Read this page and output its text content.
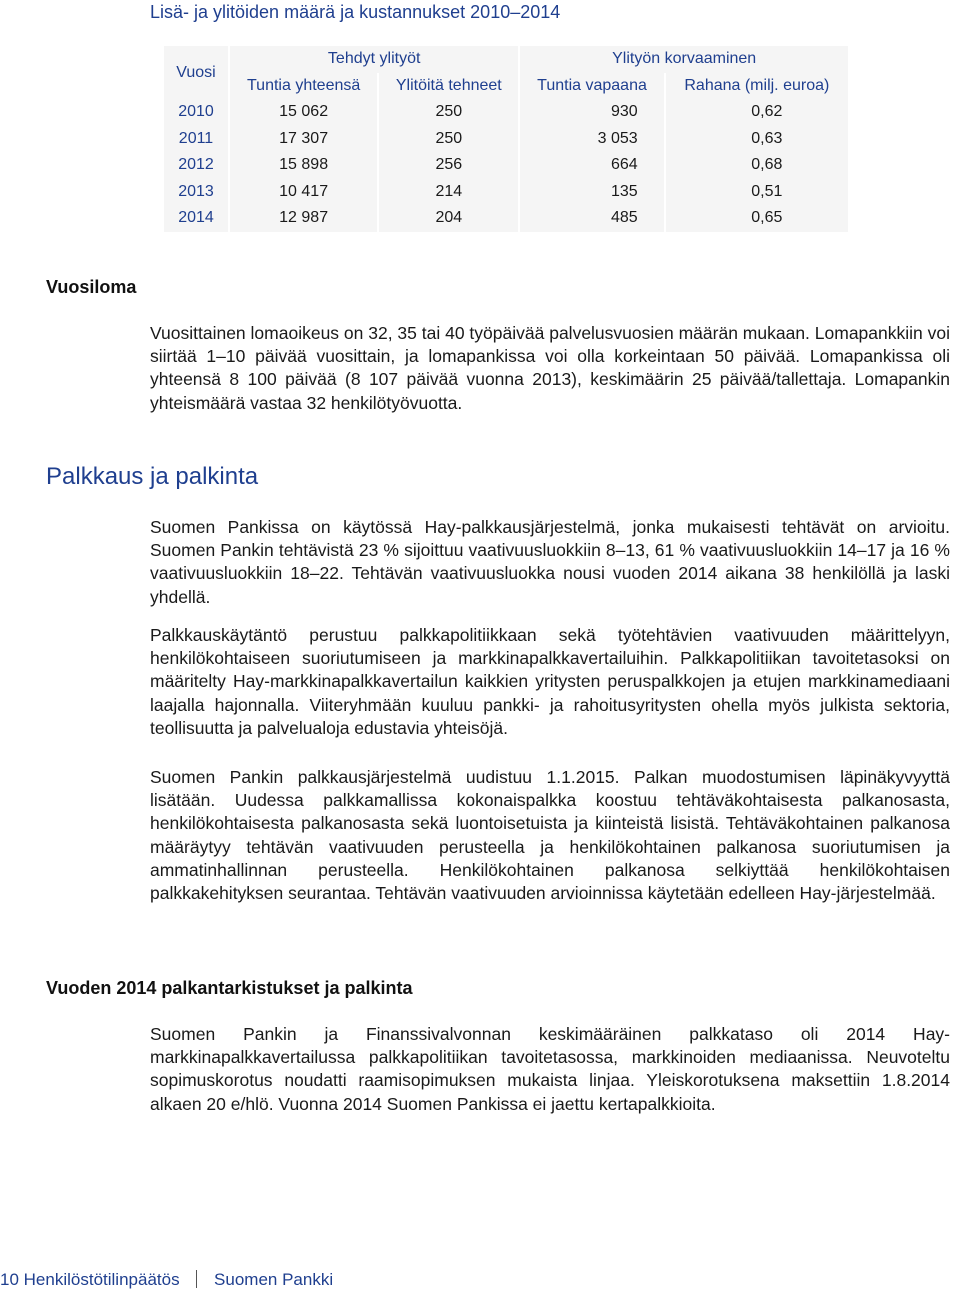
Lisä- ja ylitöiden määrä ja kustannukset 2010–2014
Vuosi	Tehdyt ylityöt		Ylityön korvaaminen	
	Tuntia yhteensä	Ylitöitä tehneet	Tuntia vapaana	Rahana (milj. euroa)
2010	15 062	250	930	0,62
2011	17 307	250	3 053	0,63
2012	15 898	256	664	0,68
2013	10 417	214	135	0,51
2014	12 987	204	485	0,65
Vuosiloma

Vuosittainen lomaoikeus on 32, 35 tai 40 työpäivää palvelusvuosien määrän mukaan. Lomapankkiin voi siirtää 1–10 päivää vuosittain, ja lomapankissa voi olla korkeintaan 50 päivää. Lomapankissa oli yhteensä 8 100 päivää (8 107 päivää vuonna 2013), keskimäärin 25 päivää/tallettaja. Lomapankin yhteismäärä vastaa 32 henkilötyövuotta.

Palkkaus ja palkinta

Suomen Pankissa on käytössä Hay-palkkausjärjestelmä, jonka mukaisesti tehtävät on arvioitu. Suomen Pankin tehtävistä 23 % sijoittuu vaativuusluokkiin 8–13, 61 % vaativuusluokkiin 14–17 ja 16 % vaativuusluokkiin 18–22. Tehtävän vaativuusluokka nousi vuoden 2014 aikana 38 henkilöllä ja laski yhdellä.

Palkkauskäytäntö perustuu palkkapolitiikkaan sekä työtehtävien vaativuuden määrittelyyn, henkilökohtaiseen suoriutumiseen ja markkinapalkkavertailuihin. Palkkapolitiikan tavoitetasoksi on määritelty Hay-markkinapalkkavertailun kaikkien yritysten peruspalkkojen ja etujen markkinamediaani laajalla hajonnalla. Viiteryhmään kuuluu pankki- ja rahoitusyritysten ohella myös julkista sektoria, teollisuutta ja palvelualoja edustavia yhteisöjä.

Suomen Pankin palkkausjärjestelmä uudistuu 1.1.2015. Palkan muodostumisen läpinäkyvyyttä lisätään. Uudessa palkkamallissa kokonaispalkka koostuu tehtäväkohtaisesta palkanosasta, henkilökohtaisesta palkanosasta sekä luontoisetuista ja kiinteistä lisistä. Tehtäväkohtainen palkanosa määräytyy tehtävän vaativuuden perusteella ja henkilökohtainen palkanosa suoriutumisen ja ammatinhallinnan perusteella. Henkilökohtainen palkanosa selkiyttää henkilökohtaisen palkkakehityksen seurantaa. Tehtävän vaativuuden arvioinnissa käytetään edelleen Hay-järjestelmää.

Vuoden 2014 palkantarkistukset ja palkinta

Suomen Pankin ja Finanssivalvonnan keskimääräinen palkkataso oli 2014 Hay-markkinapalkkavertailussa palkkapolitiikan tavoitetasossa, markkinoiden mediaanissa. Neuvoteltu sopimuskorotus noudatti raamisopimuksen mukaista linjaa. Yleiskorotuksena maksettiin 1.8.2014 alkaen 20 e/hlö. Vuonna 2014 Suomen Pankissa ei jaettu kertapalkkioita.

10 Henkilöstötilinpäätös Suomen Pankki
